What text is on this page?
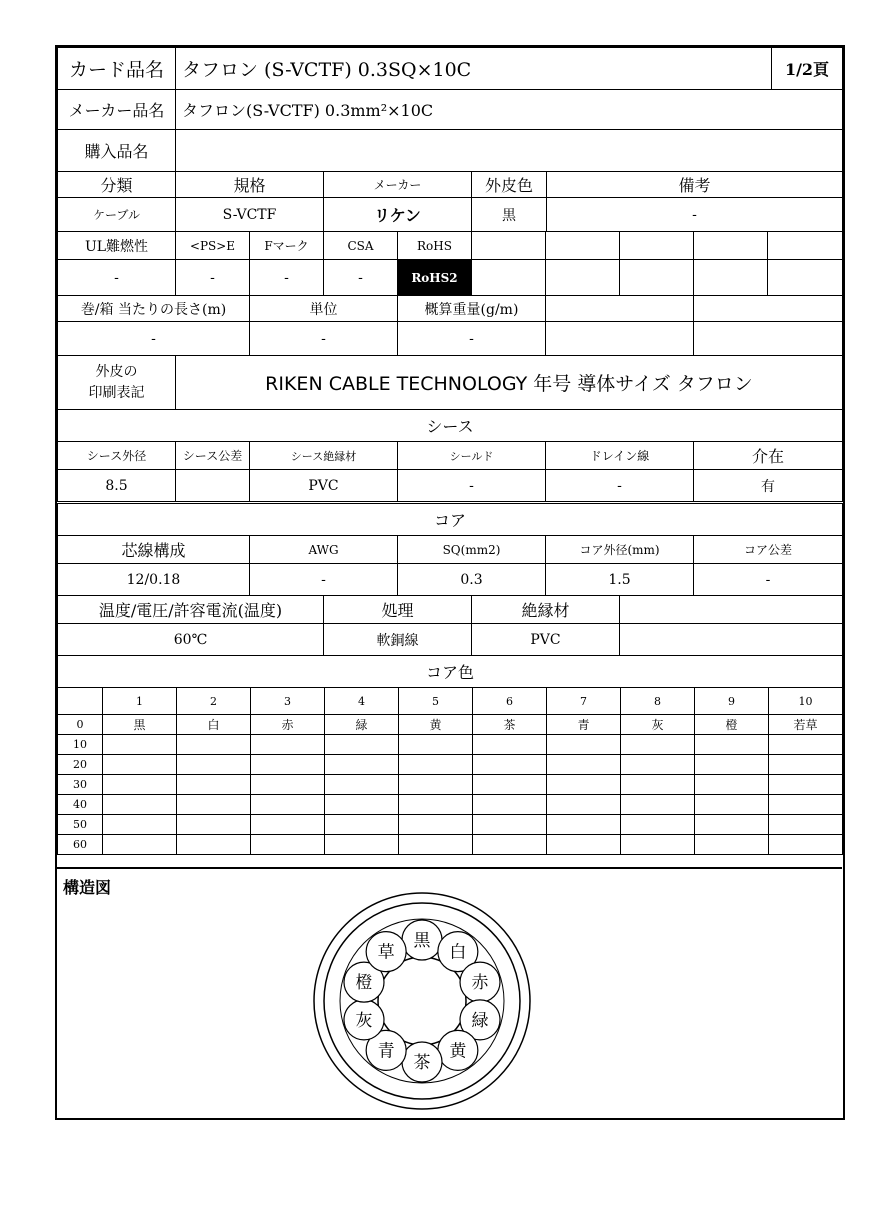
カード品名	タフロン (S-VCTF) 0.3SQ×10C	1/2頁
メーカー品名	タフロン(S-VCTF) 0.3mm²×10C
購入品名	
分類	規格	メーカー	外皮色	備考
ケーブル	S-VCTF	リケン	黒	-
UL難燃性	<PS>E	Fマーク	CSA	RoHS					
-	-	-	-	RoHS2					
巻/箱 当たりの長さ(m)	単位	概算重量(g/m)		
-	-	-		
外皮の
印刷表記	RIKEN CABLE TECHNOLOGY 年号 導体サイズ タフロン
シース					
シース外径	シース公差	シース絶縁材	シールド	ドレイン線	介在
8.5		PVC	-	-	有
コア				
芯線構成	AWG	SQ(mm2)	コア外径(mm)	コア公差
12/0.18	-	0.3	1.5	-
温度/電圧/許容電流(温度)	処理	絶縁材	
60℃	軟銅線	PVC	
コア色										
	1	2	3	4	5	6	7	8	9	10
0	黒	白	赤	緑	黄	茶	青	灰	橙	若草
10										
20										
30										
40										
50										
60										
構造図
黒
白
赤
緑
黄
茶
青
灰
橙
草
